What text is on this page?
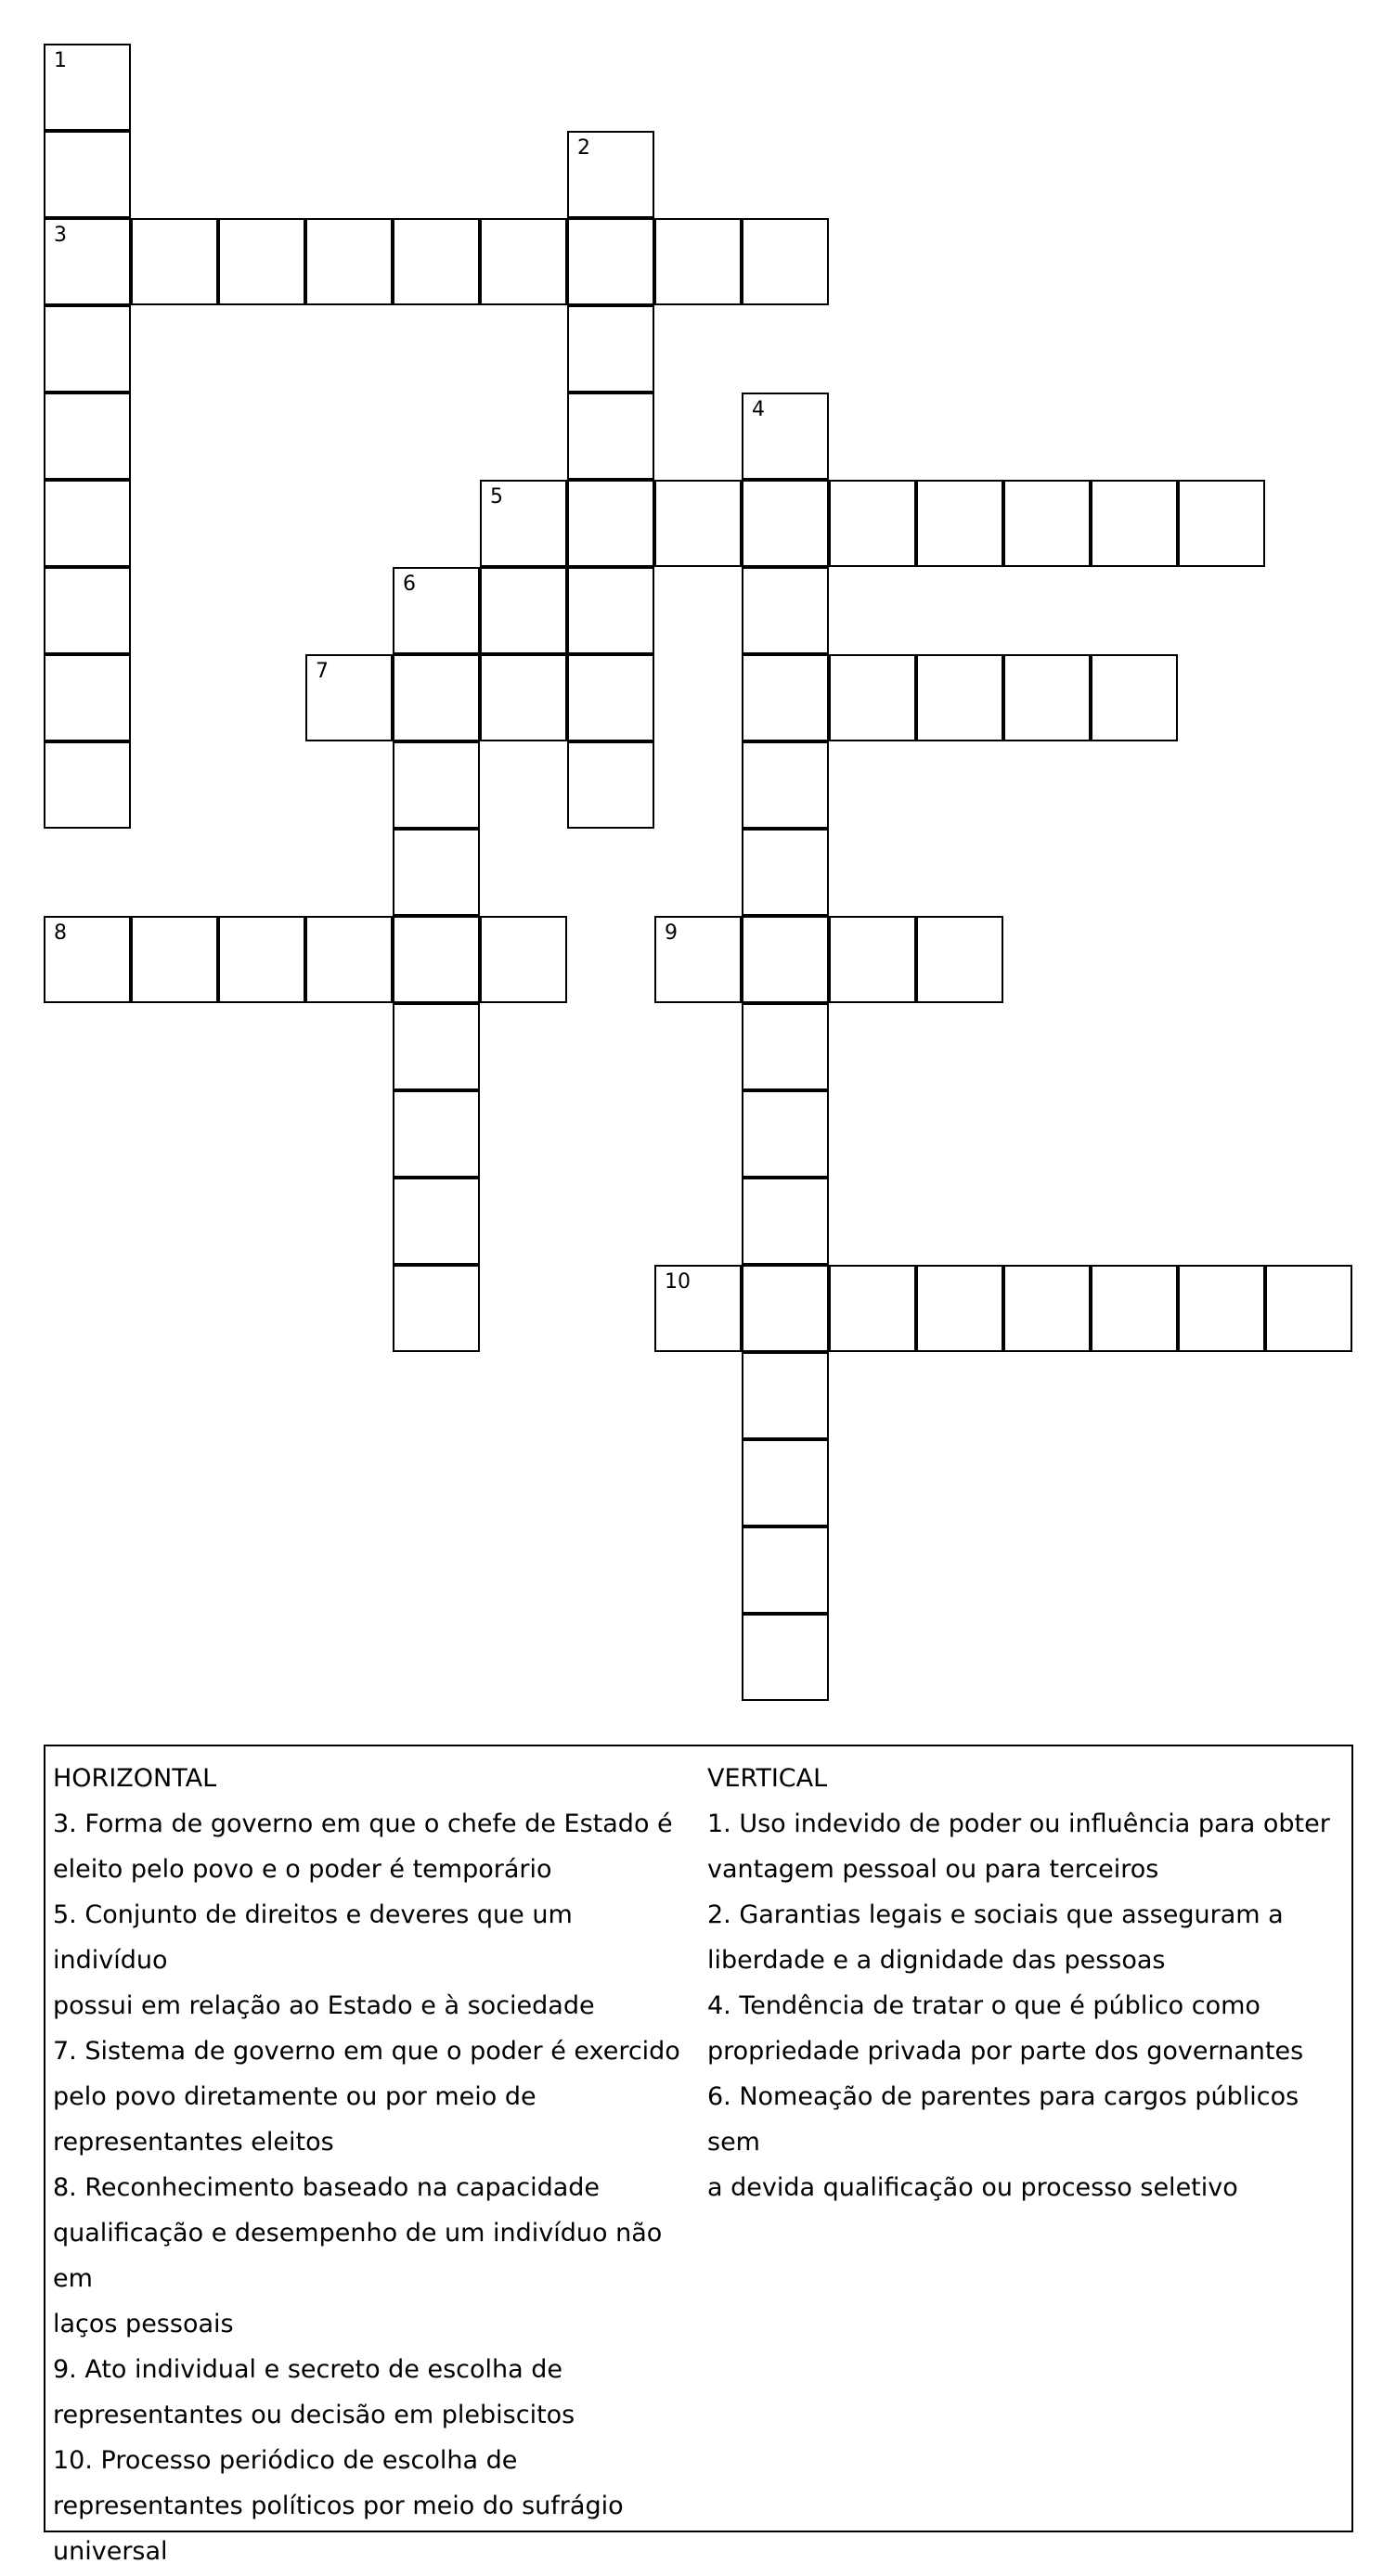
1
3
2
4
5
6
7
8	9
10
HORIZONTAL
3. Forma de governo em que o chefe de Estado é
eleito pelo povo e o poder é temporário
5. Conjunto de direitos e deveres que um indivíduo
possui em relação ao Estado e à sociedade
7. Sistema de governo em que o poder é exercido
pelo povo diretamente ou por meio de
representantes eleitos
8. Reconhecimento baseado na capacidade
qualificação e desempenho de um indivíduo não em
laços pessoais
9. Ato individual e secreto de escolha de
representantes ou decisão em plebiscitos
10. Processo periódico de escolha de
representantes políticos por meio do sufrágio
universal
VERTICAL
1. Uso indevido de poder ou influência para obter
vantagem pessoal ou para terceiros
2. Garantias legais e sociais que asseguram a
liberdade e a dignidade das pessoas
4. Tendência de tratar o que é público como
propriedade privada por parte dos governantes
6. Nomeação de parentes para cargos públicos sem
a devida qualificação ou processo seletivo
